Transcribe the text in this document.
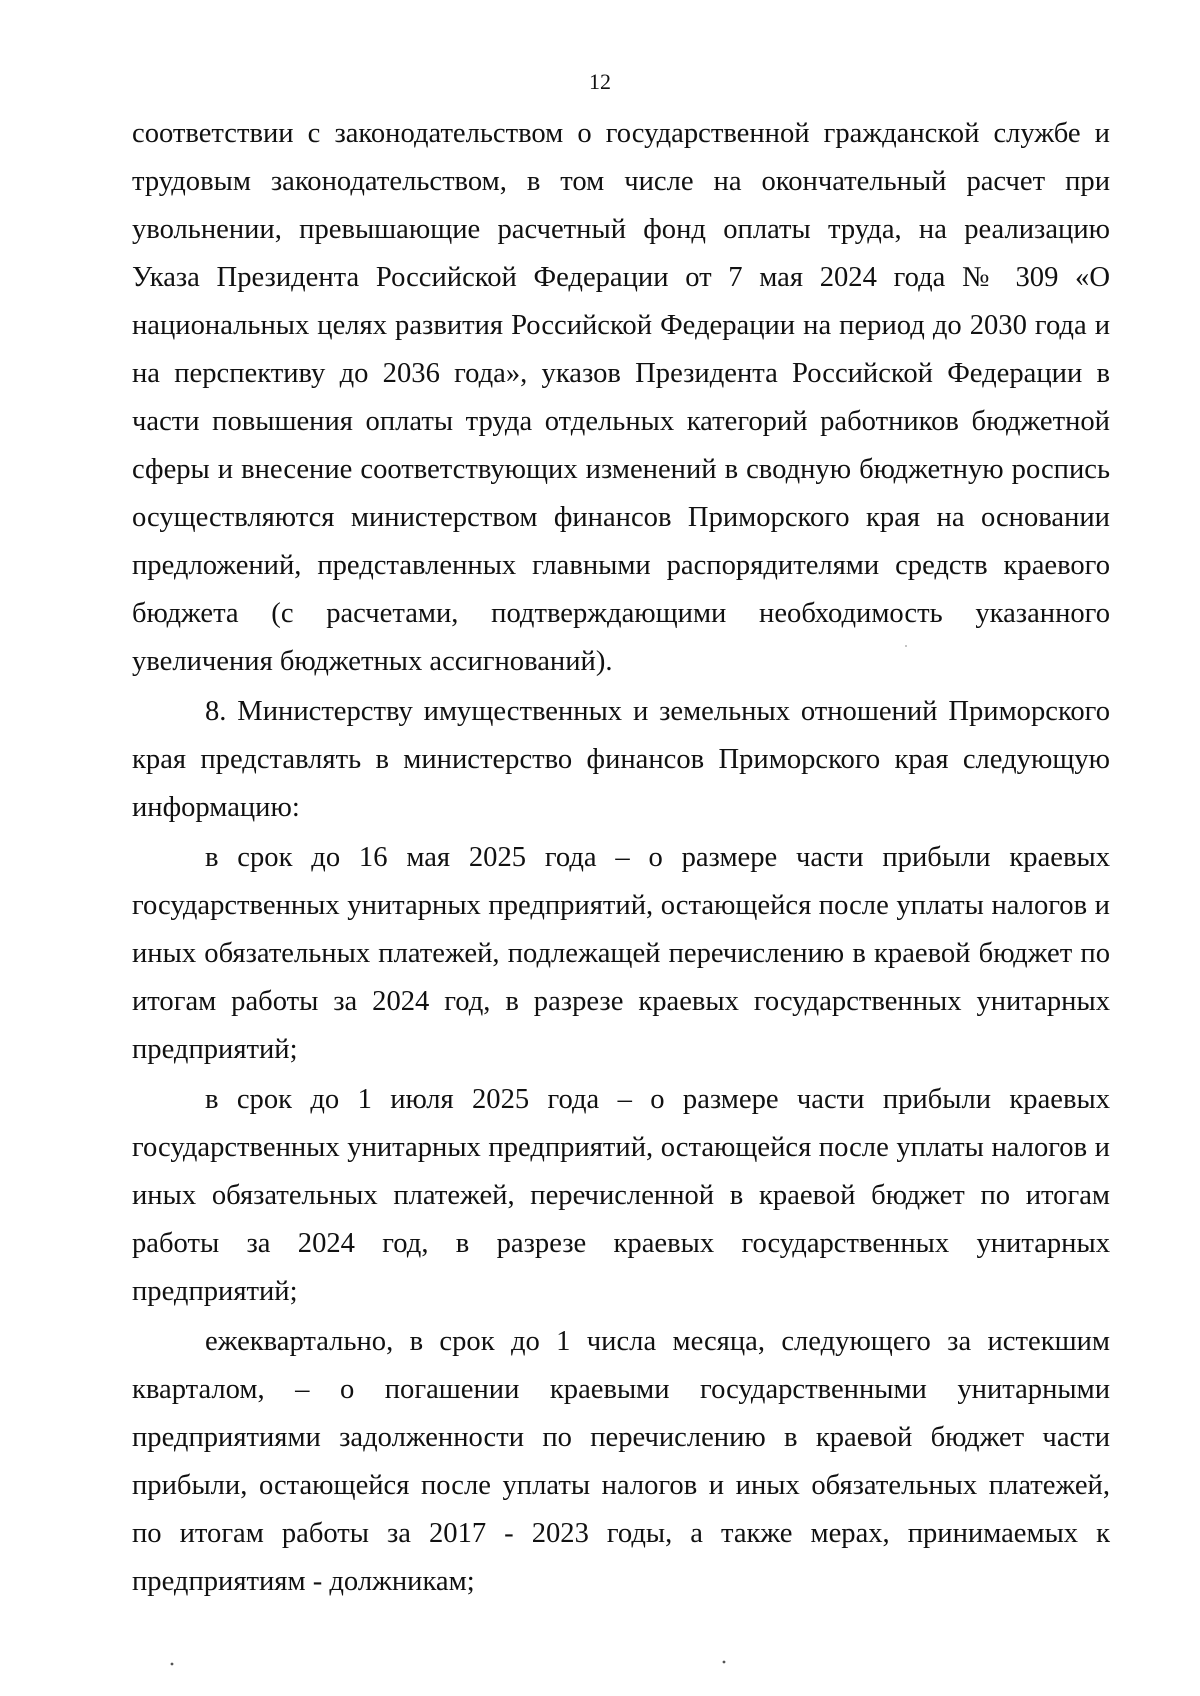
12

соответствии с законодательством о государственной гражданской службе и трудовым законодательством, в том числе на окончательный расчет при увольнении, превышающие расчетный фонд оплаты труда, на реализацию Указа Президента Российской Федерации от 7 мая 2024 года № 309 «О национальных целях развития Российской Федерации на период до 2030 года и на перспективу до 2036 года», указов Президента Российской Федерации в части повышения оплаты труда отдельных категорий работников бюджетной сферы и внесение соответствующих изменений в сводную бюджетную роспись осуществляются министерством финансов Приморского края на основании предложений, представленных главными распорядителями средств краевого бюджета (с расчетами, подтверждающими необходимость указанного увеличения бюджетных ассигнований).

8. Министерству имущественных и земельных отношений Приморского края представлять в министерство финансов Приморского края следующую информацию:

в срок до 16 мая 2025 года – о размере части прибыли краевых государственных унитарных предприятий, остающейся после уплаты налогов и иных обязательных платежей, подлежащей перечислению в краевой бюджет по итогам работы за 2024 год, в разрезе краевых государственных унитарных предприятий;

в срок до 1 июля 2025 года – о размере части прибыли краевых государственных унитарных предприятий, остающейся после уплаты налогов и иных обязательных платежей, перечисленной в краевой бюджет по итогам работы за 2024 год, в разрезе краевых государственных унитарных предприятий;

ежеквартально, в срок до 1 числа месяца, следующего за истекшим кварталом, – о погашении краевыми государственными унитарными предприятиями задолженности по перечислению в краевой бюджет части прибыли, остающейся после уплаты налогов и иных обязательных платежей, по итогам работы за 2017 - 2023 годы, а также мерах, принимаемых к предприятиям - должникам;
